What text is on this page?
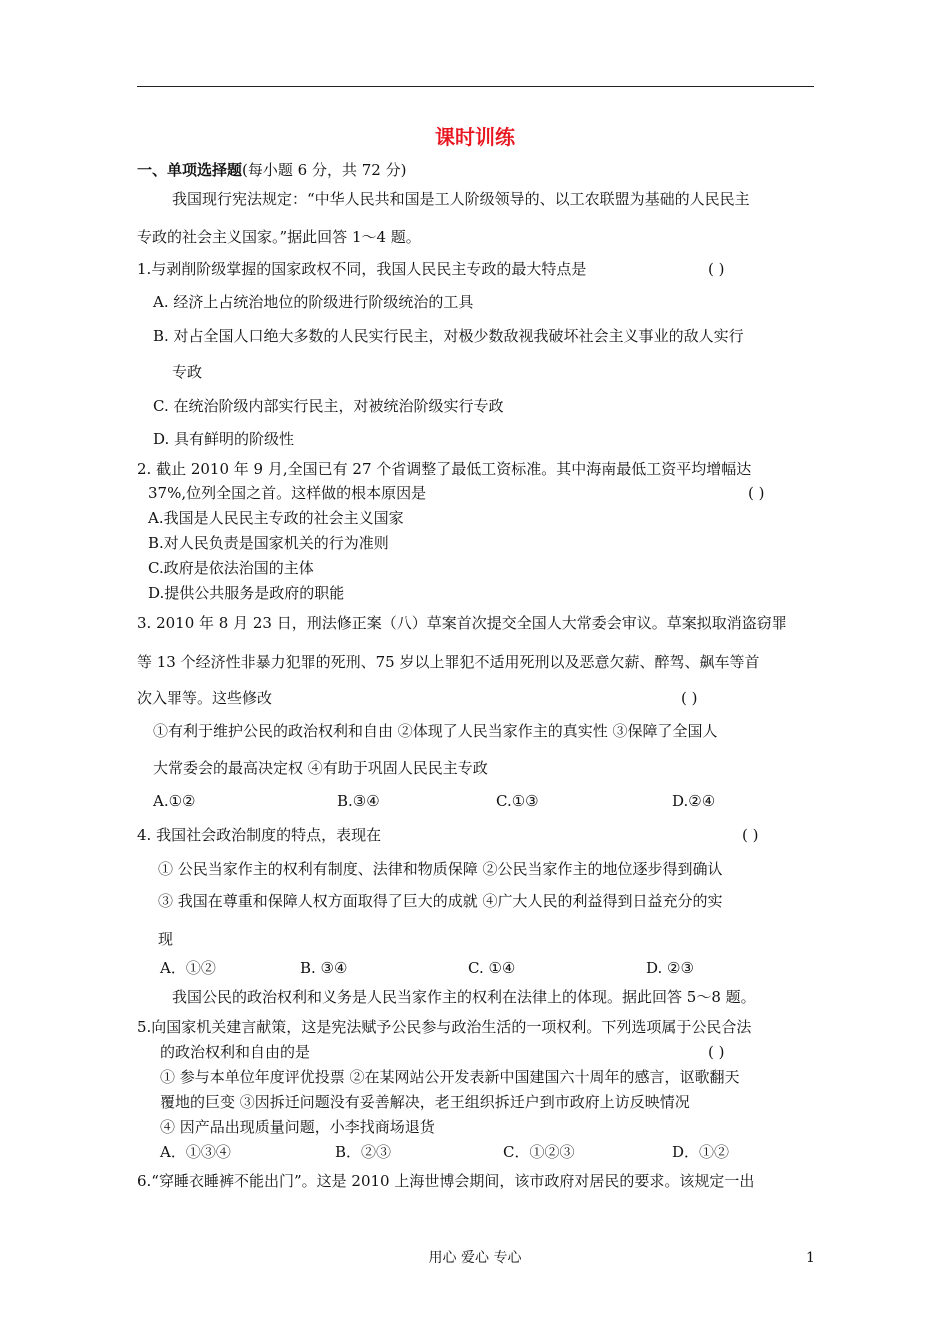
课时训练
一、单项选择题(每小题 6 分，共 72 分)
我国现行宪法规定：“中华人民共和国是工人阶级领导的、以工农联盟为基础的人民民主
专政的社会主义国家。”据此回答 1～4 题。
1.与剥削阶级掌握的国家政权不同，我国人民民主专政的最大特点是	( )
A. 经济上占统治地位的阶级进行阶级统治的工具
B. 对占全国人口绝大多数的人民实行民主，对极少数敌视我破坏社会主义事业的敌人实行
专政
C. 在统治阶级内部实行民主，对被统治阶级实行专政
D. 具有鲜明的阶级性
2. 截止 2010 年 9 月,全国已有 27 个省调整了最低工资标准。其中海南最低工资平均增幅达
37%,位列全国之首。这样做的根本原因是	( )
A.我国是人民民主专政的社会主义国家
B.对人民负责是国家机关的行为准则
C.政府是依法治国的主体
D.提供公共服务是政府的职能
3. 2010 年 8 月 23 日，刑法修正案（八）草案首次提交全国人大常委会审议。草案拟取消盗窃罪
等 13 个经济性非暴力犯罪的死刑、75 岁以上罪犯不适用死刑以及恶意欠薪、醉驾、飙车等首
次入罪等。这些修改	( )
①有利于维护公民的政治权利和自由 ②体现了人民当家作主的真实性 ③保障了全国人
大常委会的最高决定权 ④有助于巩固人民民主专政
A.①②	B.③④	C.①③	D.②④
4. 我国社会政治制度的特点，表现在	( )
① 公民当家作主的权利有制度、法律和物质保障 ②公民当家作主的地位逐步得到确认
③ 我国在尊重和保障人权方面取得了巨大的成就 ④广大人民的利益得到日益充分的实
现
A．①②	B. ③④	C. ①④	D. ②③
我国公民的政治权利和义务是人民当家作主的权利在法律上的体现。据此回答 5～8 题。
5.向国家机关建言献策，这是宪法赋予公民参与政治生活的一项权利。下列选项属于公民合法
的政治权利和自由的是	( )
① 参与本单位年度评优投票 ②在某网站公开发表新中国建国六十周年的感言，讴歌翻天
覆地的巨变 ③因拆迁问题没有妥善解决，老王组织拆迁户到市政府上访反映情况
④ 因产品出现质量问题，小李找商场退货
A．①③④	B．②③	C．①②③	D．①②
6.“穿睡衣睡裤不能出门”。这是 2010 上海世博会期间，该市政府对居民的要求。该规定一出
用心 爱心 专心	1
